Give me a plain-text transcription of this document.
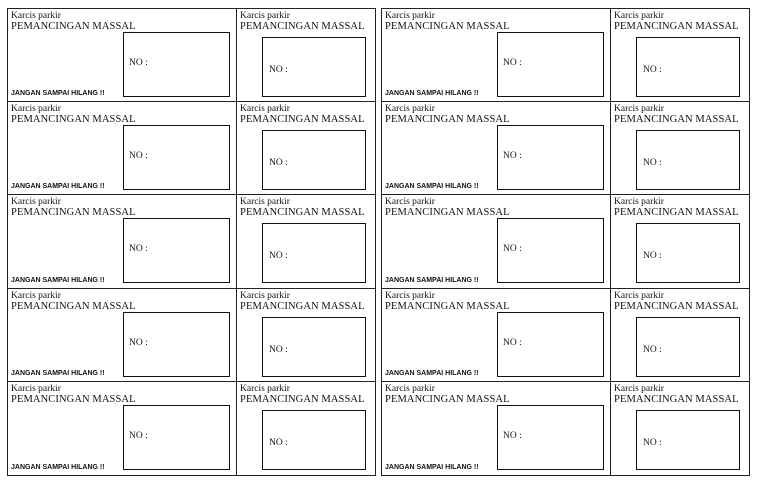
Karcis parkir
PEMANCINGAN MASSAL
JANGAN SAMPAI HILANG !!
NO :
Karcis parkir
PEMANCINGAN MASSAL
NO :
Karcis parkir
PEMANCINGAN MASSAL
JANGAN SAMPAI HILANG !!
NO :
Karcis parkir
PEMANCINGAN MASSAL
NO :
Karcis parkir
PEMANCINGAN MASSAL
JANGAN SAMPAI HILANG !!
NO :
Karcis parkir
PEMANCINGAN MASSAL
NO :
Karcis parkir
PEMANCINGAN MASSAL
JANGAN SAMPAI HILANG !!
NO :
Karcis parkir
PEMANCINGAN MASSAL
NO :
Karcis parkir
PEMANCINGAN MASSAL
JANGAN SAMPAI HILANG !!
NO :
Karcis parkir
PEMANCINGAN MASSAL
NO :
Karcis parkir
PEMANCINGAN MASSAL
JANGAN SAMPAI HILANG !!
NO :
Karcis parkir
PEMANCINGAN MASSAL
NO :
Karcis parkir
PEMANCINGAN MASSAL
JANGAN SAMPAI HILANG !!
NO :
Karcis parkir
PEMANCINGAN MASSAL
NO :
Karcis parkir
PEMANCINGAN MASSAL
JANGAN SAMPAI HILANG !!
NO :
Karcis parkir
PEMANCINGAN MASSAL
NO :
Karcis parkir
PEMANCINGAN MASSAL
JANGAN SAMPAI HILANG !!
NO :
Karcis parkir
PEMANCINGAN MASSAL
NO :
Karcis parkir
PEMANCINGAN MASSAL
JANGAN SAMPAI HILANG !!
NO :
Karcis parkir
PEMANCINGAN MASSAL
NO :
